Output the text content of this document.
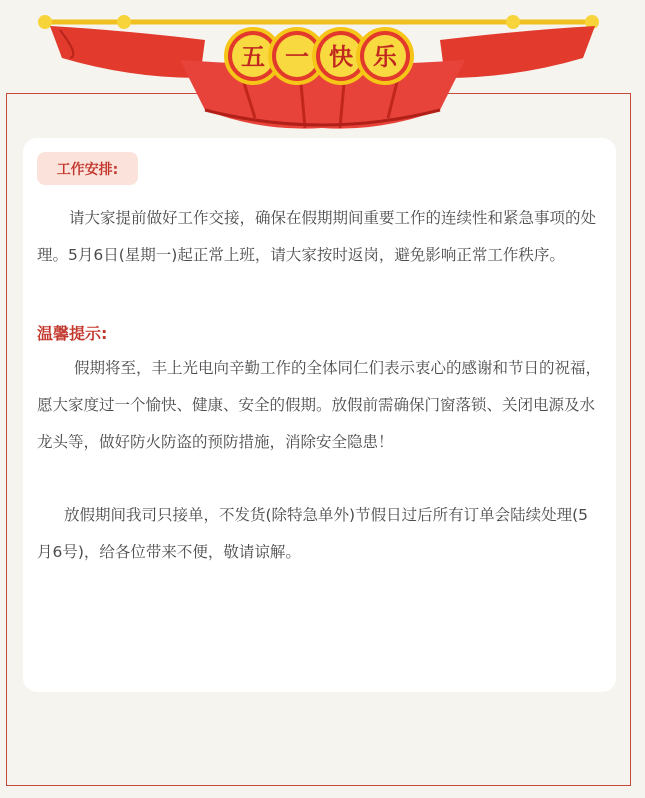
五 一 快 乐
工作安排:
请大家提前做好工作交接，确保在假期期间重要工作的连续性和紧急事项的处理。5月6日(星期一)起正常上班，请大家按时返岗，避免影响正常工作秩序。
温馨提示:
假期将至，丰上光电向辛勤工作的全体同仁们表示衷心的感谢和节日的祝福，愿大家度过一个愉快、健康、安全的假期。放假前需确保门窗落锁、关闭电源及水龙头等，做好防火防盗的预防措施，消除安全隐患！
放假期间我司只接单，不发货(除特急单外)节假日过后所有订单会陆续处理(5月6号)，给各位带来不便，敬请谅解。
